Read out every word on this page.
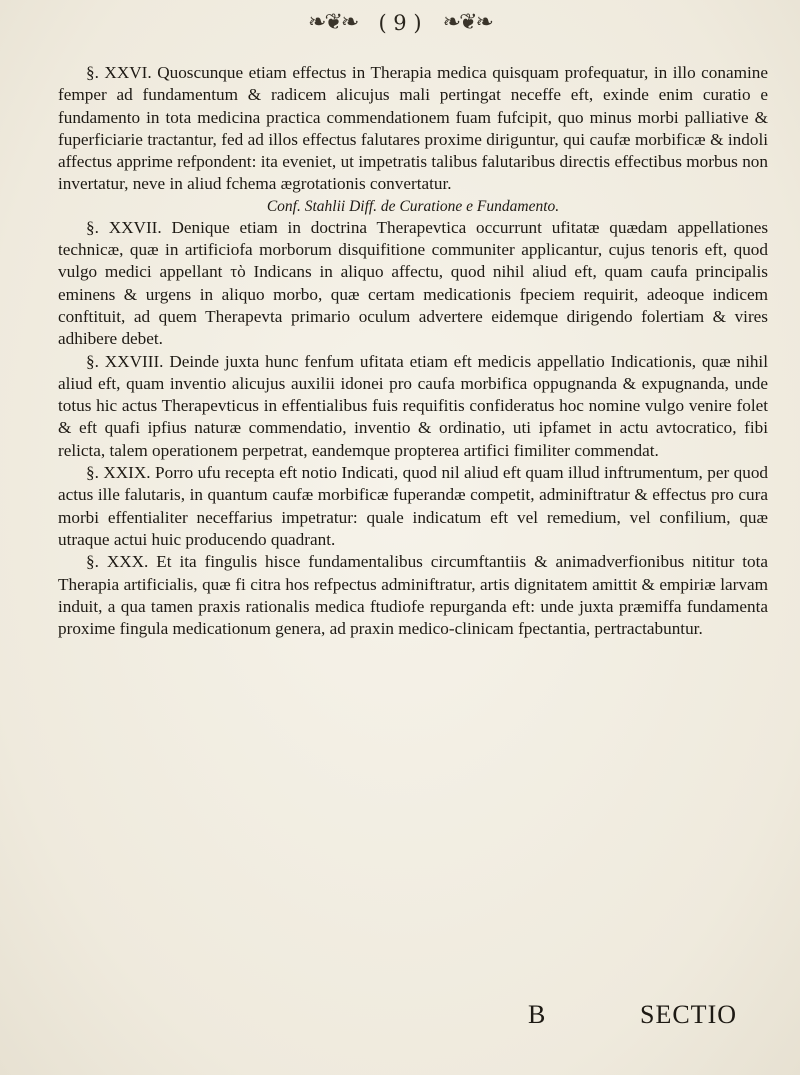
❧❦❧ ( 9 ) ❧❦❧

§. XXVI. Quoscunque etiam effectus in Therapia medica quisquam profequatur, in illo conamine femper ad fundamentum & radicem alicujus mali pertingat neceffe eft, exinde enim curatio e fundamento in tota medicina practica commendationem fuam fufcipit, quo minus morbi palliative & fuperficiarie tractantur, fed ad illos effectus falutares proxime diriguntur, qui caufæ morbificæ & indoli affectus apprime refpondent: ita eveniet, ut impetratis talibus falutaribus directis effectibus morbus non invertatur, neve in aliud fchema ægrotationis convertatur.

Conf. Stahlii Diff. de Curatione e Fundamento.

§. XXVII. Denique etiam in doctrina Therapevtica occurrunt ufitatæ quædam appellationes technicæ, quæ in artificiofa morborum disquifitione communiter applicantur, cujus tenoris eft, quod vulgo medici appellant τὸ Indicans in aliquo affectu, quod nihil aliud eft, quam caufa principalis eminens & urgens in aliquo morbo, quæ certam medicationis fpeciem requirit, adeoque indicem conftituit, ad quem Therapevta primario oculum advertere eidemque dirigendo folertiam & vires adhibere debet.

§. XXVIII. Deinde juxta hunc fenfum ufitata etiam eft medicis appellatio Indicationis, quæ nihil aliud eft, quam inventio alicujus auxilii idonei pro caufa morbifica oppugnanda & expugnanda, unde totus hic actus Therapevticus in effentialibus fuis requifitis confideratus hoc nomine vulgo venire folet & eft quafi ipfius naturæ commendatio, inventio & ordinatio, uti ipfamet in actu avtocratico, fibi relicta, talem operationem perpetrat, eandemque propterea artifici fimiliter commendat.

§. XXIX. Porro ufu recepta eft notio Indicati, quod nil aliud eft quam illud inftrumentum, per quod actus ille falutaris, in quantum caufæ morbificæ fuperandæ competit, adminiftratur & effectus pro cura morbi effentialiter neceffarius impetratur: quale indicatum eft vel remedium, vel confilium, quæ utraque actui huic producendo quadrant.

§. XXX. Et ita fingulis hisce fundamentalibus circumftantiis & animadverfionibus nititur tota Therapia artificialis, quæ fi citra hos refpectus adminiftratur, artis dignitatem amittit & empiriæ larvam induit, a qua tamen praxis rationalis medica ftudiofe repurganda eft: unde juxta præmiffa fundamenta proxime fingula medicationum genera, ad praxin medico-clinicam fpectantia, pertractabuntur.

B	SECTIO
